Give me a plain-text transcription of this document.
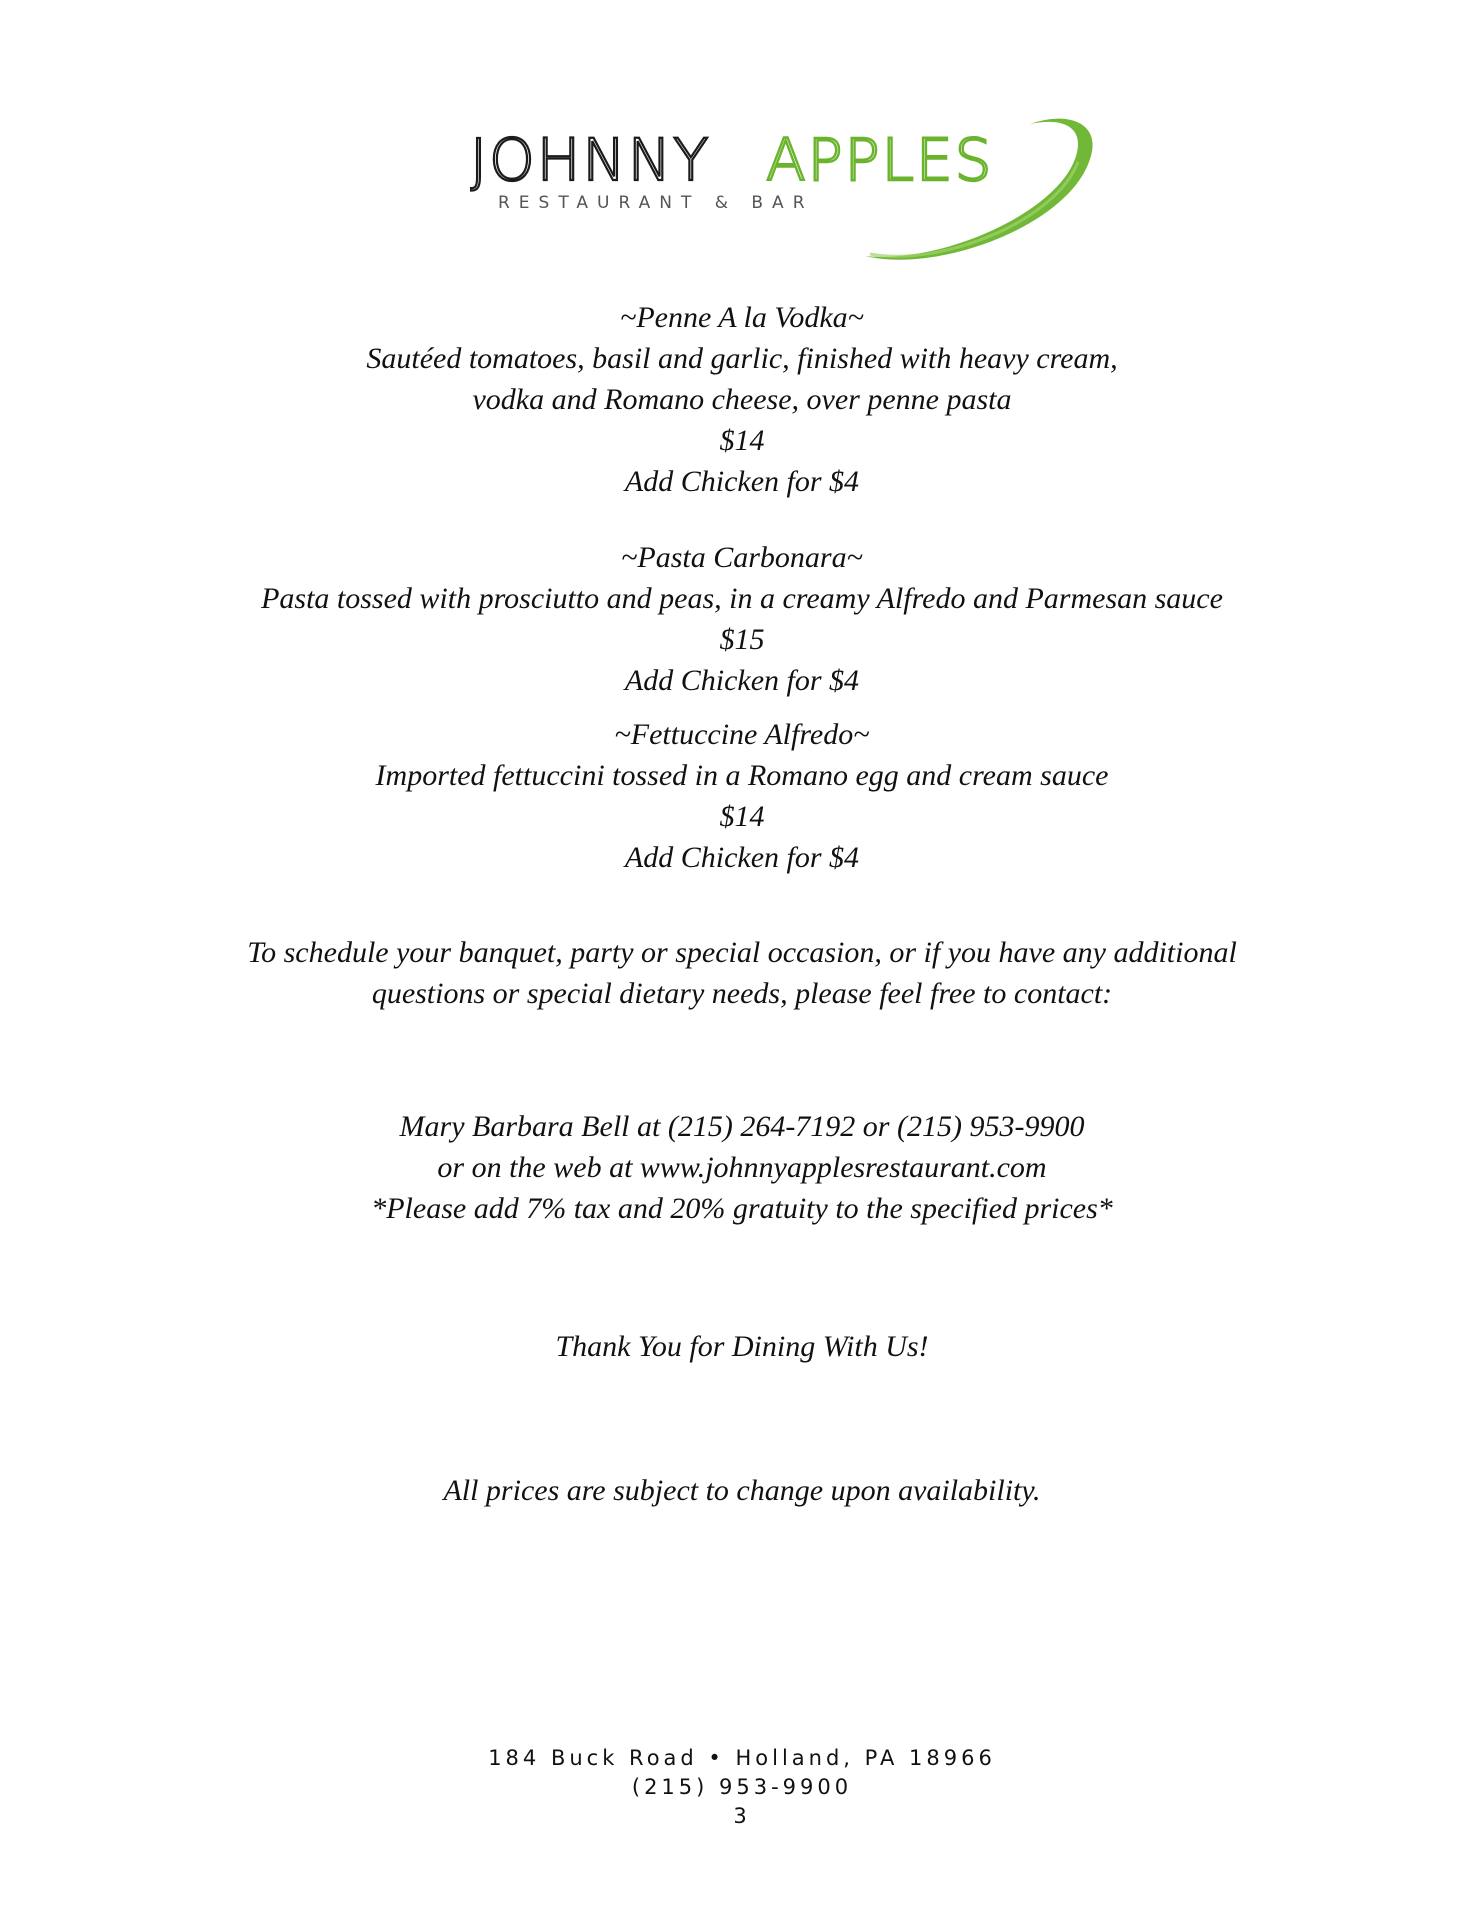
JOHNNY APPLES
RESTAURANT & BAR
~Penne A la Vodka~
Sautéed tomatoes, basil and garlic, finished with heavy cream,
vodka and Romano cheese, over penne pasta
$14
Add Chicken for $4
~Pasta Carbonara~
Pasta tossed with prosciutto and peas, in a creamy Alfredo and Parmesan sauce
$15
Add Chicken for $4
~Fettuccine Alfredo~
Imported fettuccini tossed in a Romano egg and cream sauce
$14
Add Chicken for $4
To schedule your banquet, party or special occasion, or if you have any additional
questions or special dietary needs, please feel free to contact:
Mary Barbara Bell at (215) 264-7192 or (215) 953-9900
or on the web at www.johnnyapplesrestaurant.com
*Please add 7% tax and 20% gratuity to the specified prices*
Thank You for Dining With Us!
All prices are subject to change upon availability.
184 Buck Road • Holland, PA 18966
(215) 953-9900
3
